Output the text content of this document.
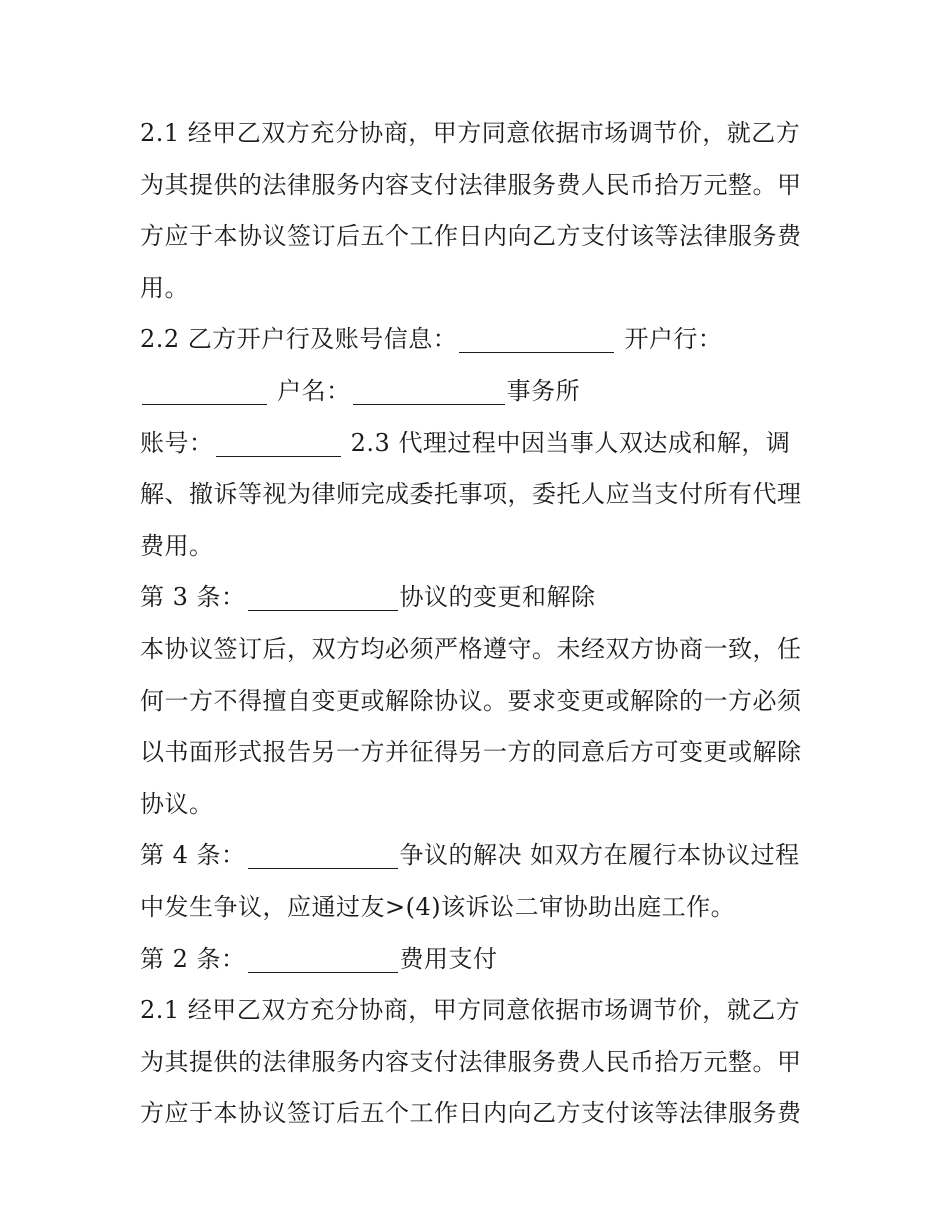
2.1 经甲乙双方充分协商，甲方同意依据市场调节价，就乙方为其提供的法律服务内容支付法律服务费人民币拾万元整。甲方应于本协议签订后五个工作日内向乙方支付该等法律服务费用。

2.2 乙方开户行及账号信息：	开户行：
户名：	事务所
账号：	2.3 代理过程中因当事人双达成和解，调解、撤诉等视为律师完成委托事项，委托人应当支付所有代理费用。

第 3 条：	协议的变更和解除

本协议签订后，双方均必须严格遵守。未经双方协商一致，任何一方不得擅自变更或解除协议。要求变更或解除的一方必须以书面形式报告另一方并征得另一方的同意后方可变更或解除协议。

第 4 条：	争议的解决 如双方在履行本协议过程中发生争议，应通过友>(4)该诉讼二审协助出庭工作。

第 2 条：	费用支付

2.1 经甲乙双方充分协商，甲方同意依据市场调节价，就乙方为其提供的法律服务内容支付法律服务费人民币拾万元整。甲方应于本协议签订后五个工作日内向乙方支付该等法律服务费
